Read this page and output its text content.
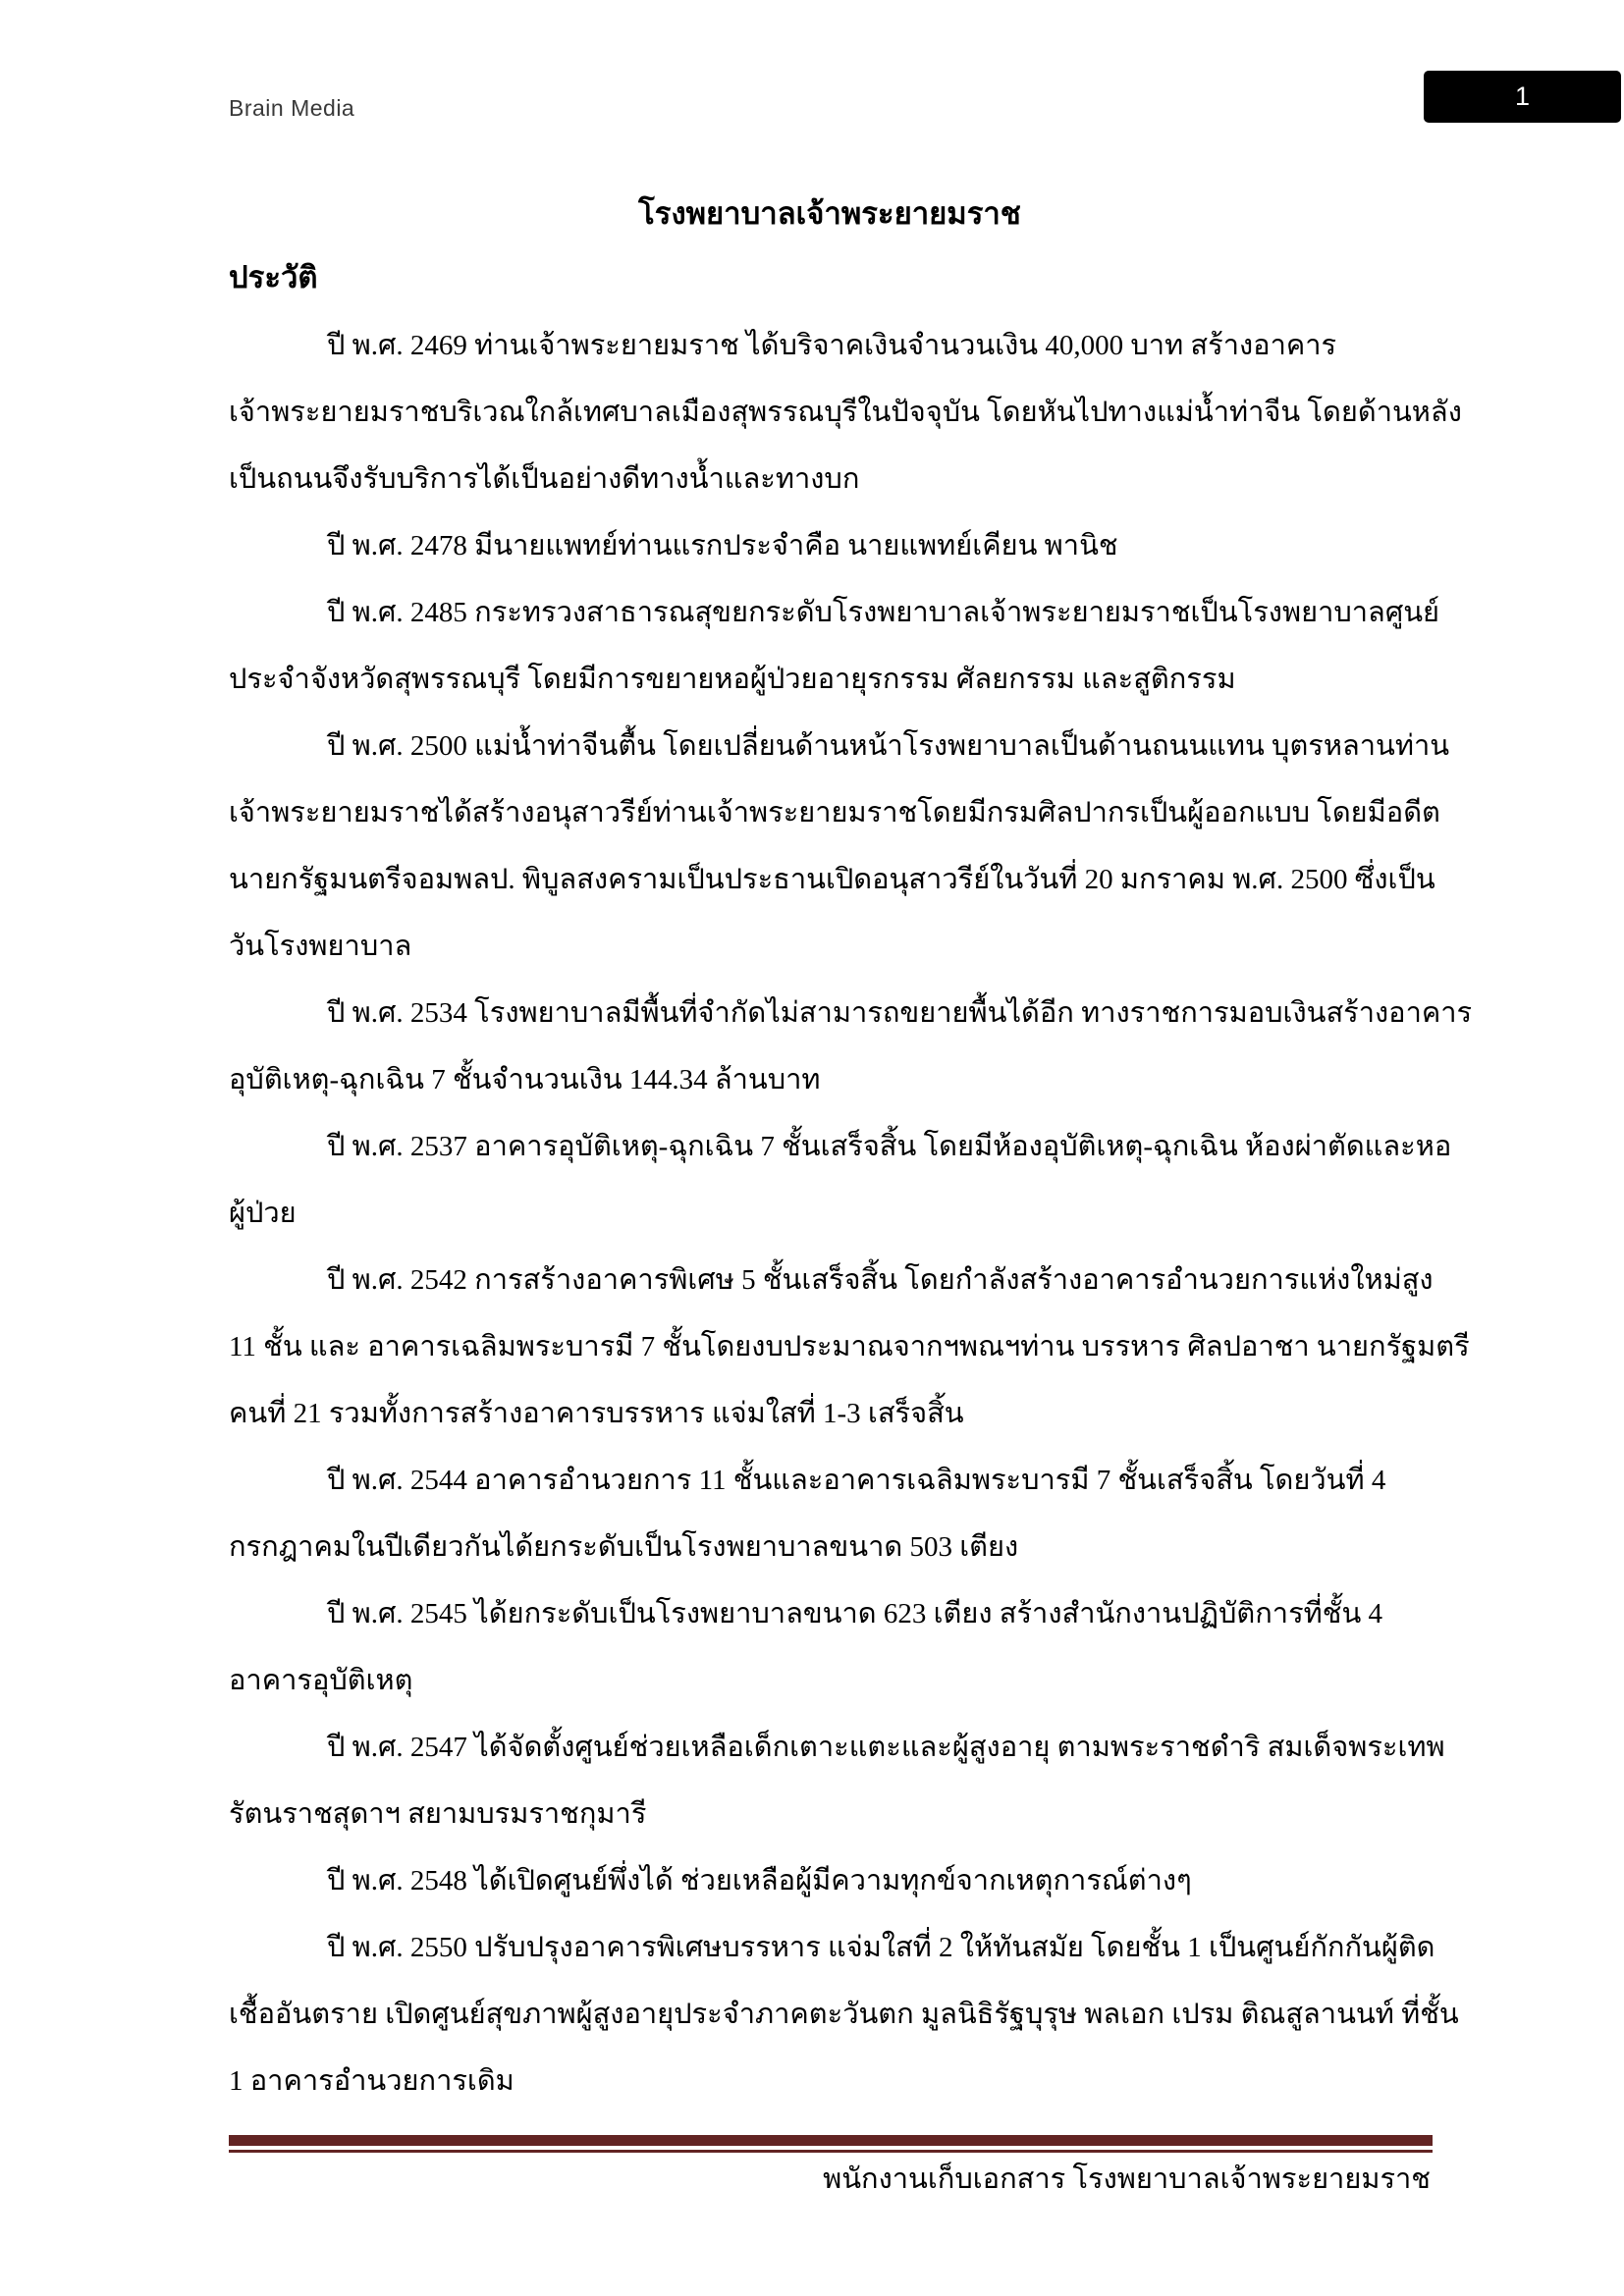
Brain Media	1
โรงพยาบาลเจ้าพระยายมราช
ประวัติ
ปี พ.ศ. 2469 ท่านเจ้าพระยายมราช ได้บริจาคเงินจำนวนเงิน 40,000 บาท สร้างอาคาร
เจ้าพระยายมราชบริเวณใกล้เทศบาลเมืองสุพรรณบุรีในปัจจุบัน โดยหันไปทางแม่น้ำท่าจีน โดยด้านหลัง
เป็นถนนจึงรับบริการได้เป็นอย่างดีทางน้ำและทางบก
ปี พ.ศ. 2478 มีนายแพทย์ท่านแรกประจำคือ นายแพทย์เคียน พานิช
ปี พ.ศ. 2485 กระทรวงสาธารณสุขยกระดับโรงพยาบาลเจ้าพระยายมราชเป็นโรงพยาบาลศูนย์
ประจำจังหวัดสุพรรณบุรี โดยมีการขยายหอผู้ป่วยอายุรกรรม ศัลยกรรม และสูติกรรม
ปี พ.ศ. 2500 แม่น้ำท่าจีนตื้น โดยเปลี่ยนด้านหน้าโรงพยาบาลเป็นด้านถนนแทน บุตรหลานท่าน
เจ้าพระยายมราชได้สร้างอนุสาวรีย์ท่านเจ้าพระยายมราชโดยมีกรมศิลปากรเป็นผู้ออกแบบ โดยมีอดีต
นายกรัฐมนตรีจอมพลป. พิบูลสงครามเป็นประธานเปิดอนุสาวรีย์ในวันที่ 20 มกราคม พ.ศ. 2500 ซึ่งเป็น
วันโรงพยาบาล
ปี พ.ศ. 2534 โรงพยาบาลมีพื้นที่จำกัดไม่สามารถขยายพื้นได้อีก ทางราชการมอบเงินสร้างอาคาร
อุบัติเหตุ-ฉุกเฉิน 7 ชั้นจำนวนเงิน 144.34 ล้านบาท
ปี พ.ศ. 2537 อาคารอุบัติเหตุ-ฉุกเฉิน 7 ชั้นเสร็จสิ้น โดยมีห้องอุบัติเหตุ-ฉุกเฉิน ห้องผ่าตัดและหอ
ผู้ป่วย
ปี พ.ศ. 2542 การสร้างอาคารพิเศษ 5 ชั้นเสร็จสิ้น โดยกำลังสร้างอาคารอำนวยการแห่งใหม่สูง
11 ชั้น และ อาคารเฉลิมพระบารมี 7 ชั้นโดยงบประมาณจากฯพณฯท่าน บรรหาร ศิลปอาชา นายกรัฐมตรี
คนที่ 21 รวมทั้งการสร้างอาคารบรรหาร แจ่มใสที่ 1-3 เสร็จสิ้น
ปี พ.ศ. 2544 อาคารอำนวยการ 11 ชั้นและอาคารเฉลิมพระบารมี 7 ชั้นเสร็จสิ้น โดยวันที่ 4
กรกฎาคมในปีเดียวกันได้ยกระดับเป็นโรงพยาบาลขนาด 503 เตียง
ปี พ.ศ. 2545 ได้ยกระดับเป็นโรงพยาบาลขนาด 623 เตียง สร้างสำนักงานปฏิบัติการที่ชั้น 4
อาคารอุบัติเหตุ
ปี พ.ศ. 2547 ได้จัดตั้งศูนย์ช่วยเหลือเด็กเตาะแตะและผู้สูงอายุ ตามพระราชดำริ สมเด็จพระเทพ
รัตนราชสุดาฯ สยามบรมราชกุมารี
ปี พ.ศ. 2548 ได้เปิดศูนย์พึ่งได้ ช่วยเหลือผู้มีความทุกข์จากเหตุการณ์ต่างๆ
ปี พ.ศ. 2550 ปรับปรุงอาคารพิเศษบรรหาร แจ่มใสที่ 2 ให้ทันสมัย โดยชั้น 1 เป็นศูนย์กักกันผู้ติด
เชื้ออันตราย เปิดศูนย์สุขภาพผู้สูงอายุประจำภาคตะวันตก มูลนิธิรัฐบุรุษ พลเอก เปรม ติณสูลานนท์ ที่ชั้น
1 อาคารอำนวยการเดิม
พนักงานเก็บเอกสาร โรงพยาบาลเจ้าพระยายมราช
